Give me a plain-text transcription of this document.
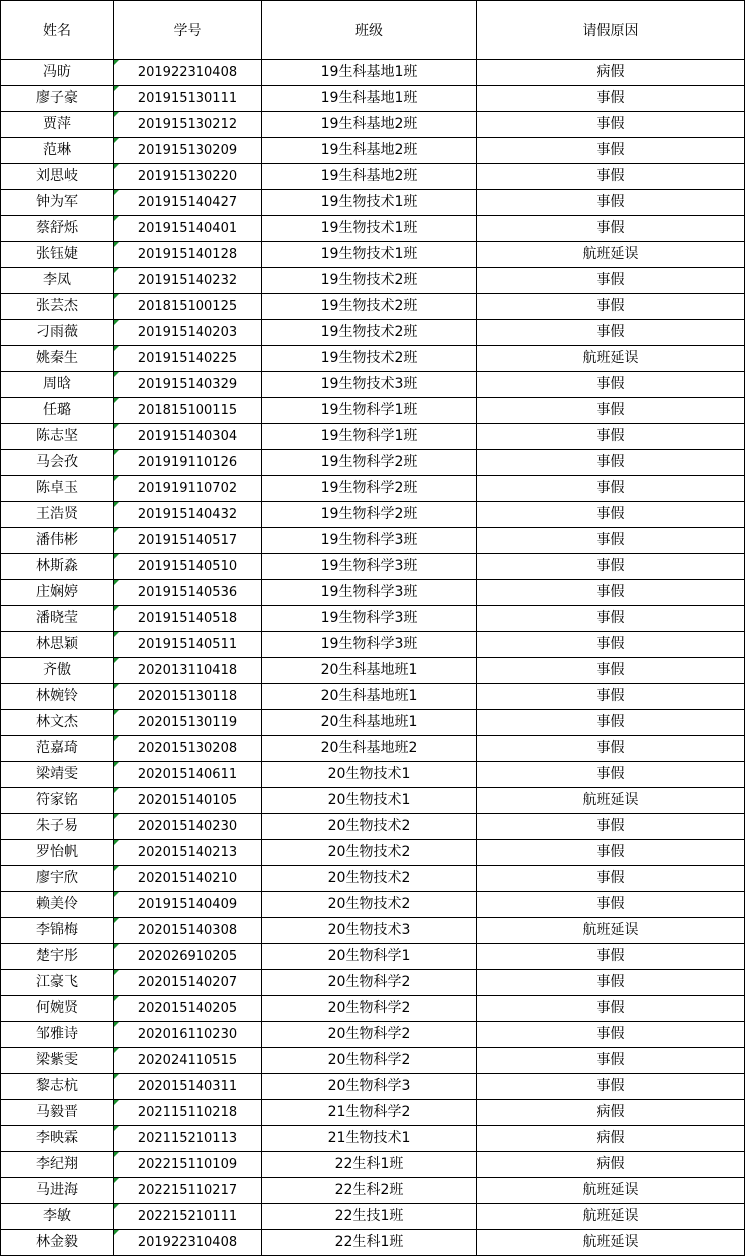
姓名	学号	班级	请假原因
冯昉	201922310408	19生科基地1班	病假
廖子豪	201915130111	19生科基地1班	事假
贾萍	201915130212	19生科基地2班	事假
范琳	201915130209	19生科基地2班	事假
刘思岐	201915130220	19生科基地2班	事假
钟为军	201915140427	19生物技术1班	事假
蔡舒烁	201915140401	19生物技术1班	事假
张钰婕	201915140128	19生物技术1班	航班延误
李凤	201915140232	19生物技术2班	事假
张芸杰	201815100125	19生物技术2班	事假
刁雨薇	201915140203	19生物技术2班	事假
姚秦生	201915140225	19生物技术2班	航班延误
周晗	201915140329	19生物技术3班	事假
任璐	201815100115	19生物科学1班	事假
陈志坚	201915140304	19生物科学1班	事假
马会孜	201919110126	19生物科学2班	事假
陈卓玉	201919110702	19生物科学2班	事假
王浩贤	201915140432	19生物科学2班	事假
潘伟彬	201915140517	19生物科学3班	事假
林斯淼	201915140510	19生物科学3班	事假
庄娴婷	201915140536	19生物科学3班	事假
潘晓莹	201915140518	19生物科学3班	事假
林思颖	201915140511	19生物科学3班	事假
齐傲	202013110418	20生科基地班1	事假
林婉铃	202015130118	20生科基地班1	事假
林文杰	202015130119	20生科基地班1	事假
范嘉琦	202015130208	20生科基地班2	事假
梁靖雯	202015140611	20生物技术1	事假
符家铭	202015140105	20生物技术1	航班延误
朱子易	202015140230	20生物技术2	事假
罗怡帆	202015140213	20生物技术2	事假
廖宇欣	202015140210	20生物技术2	事假
赖美伶	201915140409	20生物技术2	事假
李锦梅	202015140308	20生物技术3	航班延误
楚宇彤	202026910205	20生物科学1	事假
江豪飞	202015140207	20生物科学2	事假
何婉贤	202015140205	20生物科学2	事假
邹雅诗	202016110230	20生物科学2	事假
梁紫雯	202024110515	20生物科学2	事假
黎志杭	202015140311	20生物科学3	事假
马毅晋	202115110218	21生物科学2	病假
李映霖	202115210113	21生物技术1	病假
李纪翔	202215110109	22生科1班	病假
马进海	202215110217	22生科2班	航班延误
李敏	202215210111	22生技1班	航班延误
林金毅	201922310408	22生科1班	航班延误
